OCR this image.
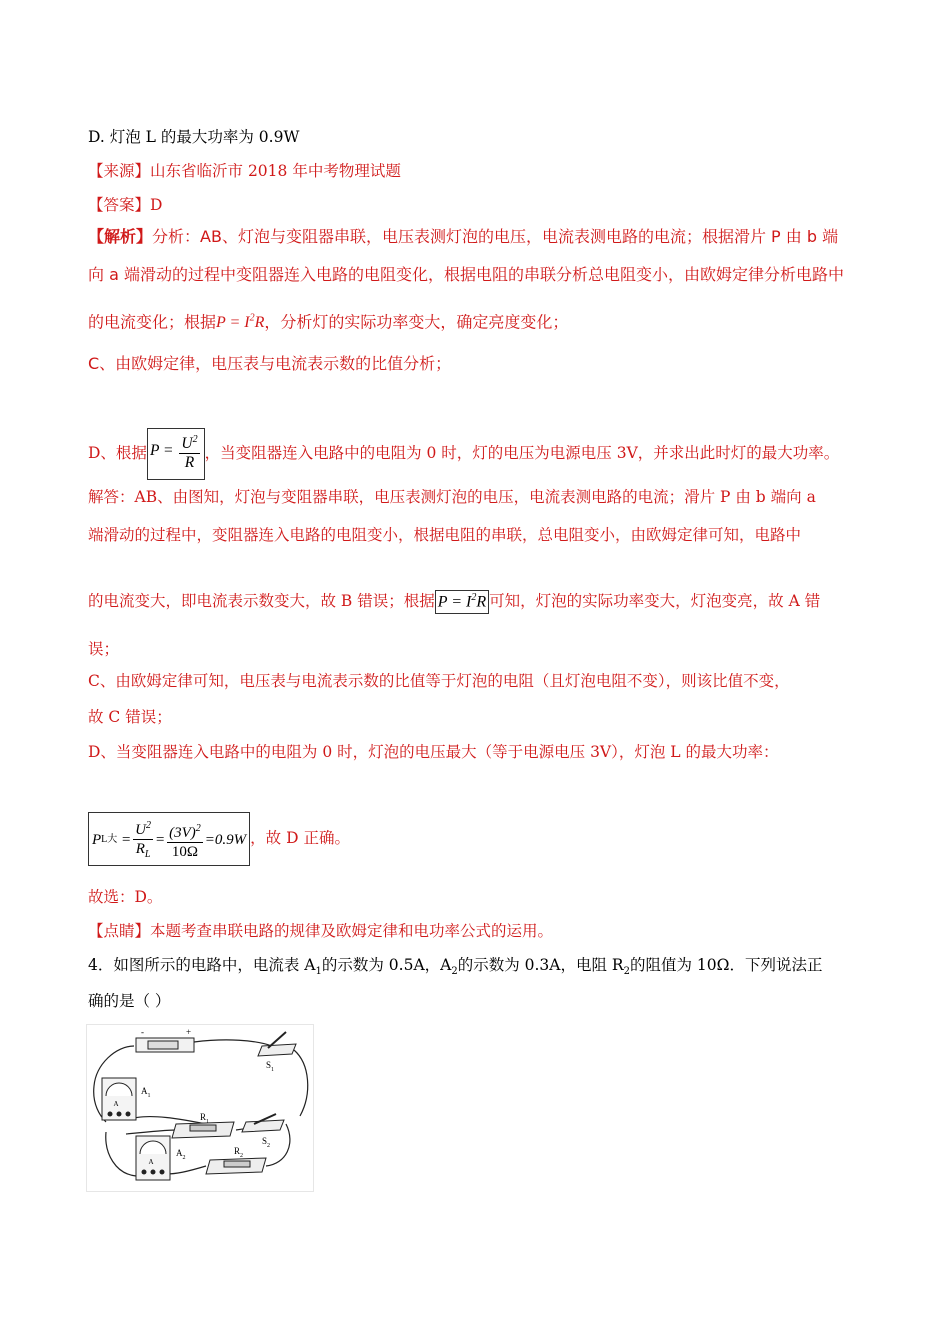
D. 灯泡 L 的最大功率为 0.9W
【来源】山东省临沂市 2018 年中考物理试题
【答案】D
【解析】分析：AB、灯泡与变阻器串联，电压表测灯泡的电压，电流表测电路的电流；根据滑片 P 由 b 端
向 a 端滑动的过程中变阻器连入电路的电阻变化，根据电阻的串联分析总电阻变小，由欧姆定律分析电路中
的电流变化；根据$P = I^2R$，分析灯的实际功率变大，确定亮度变化；
C、由欧姆定律，电压表与电流表示数的比值分析；
D、根据 $P = \frac{U^2}{R}$ ，当变阻器连入电路中的电阻为 0 时，灯的电压为电源电压 3V，并求出此时灯的最大功率。
解答：AB、由图知，灯泡与变阻器串联，电压表测灯泡的电压，电流表测电路的电流；滑片 P 由 b 端向 a
端滑动的过程中，变阻器连入电路的电阻变小，根据电阻的串联，总电阻变小，由欧姆定律可知，电路中
的电流变大，即电流表示数变大，故 B 错误；根据 $P = I^2R$ 可知，灯泡的实际功率变大，灯泡变亮，故 A 错
误；
C、由欧姆定律可知，电压表与电流表示数的比值等于灯泡的电阻（且灯泡电阻不变），则该比值不变，
故 C 错误；
D、当变阻器连入电路中的电阻为 0 时，灯泡的电压最大（等于电源电压 3V），灯泡 L 的最大功率：
P L大 = $\frac{U^2}{R_L} = \frac{(3V)^2}{10\Omega} = 0.9W$ ，故 D 正确。
故选：D。
【点睛】本题考查串联电路的规律及欧姆定律和电功率公式的运用。
4．如图所示的电路中，电流表 $A_1$的示数为 0.5A，$A_2$的示数为 0.3A，电阻 $R_2$的阻值为 10Ω．下列说法正
确的是（ ）
-	+
$S_1$
A
$A_1$
$R_1$
$S_2$
A
$A_2$
$R_2$
